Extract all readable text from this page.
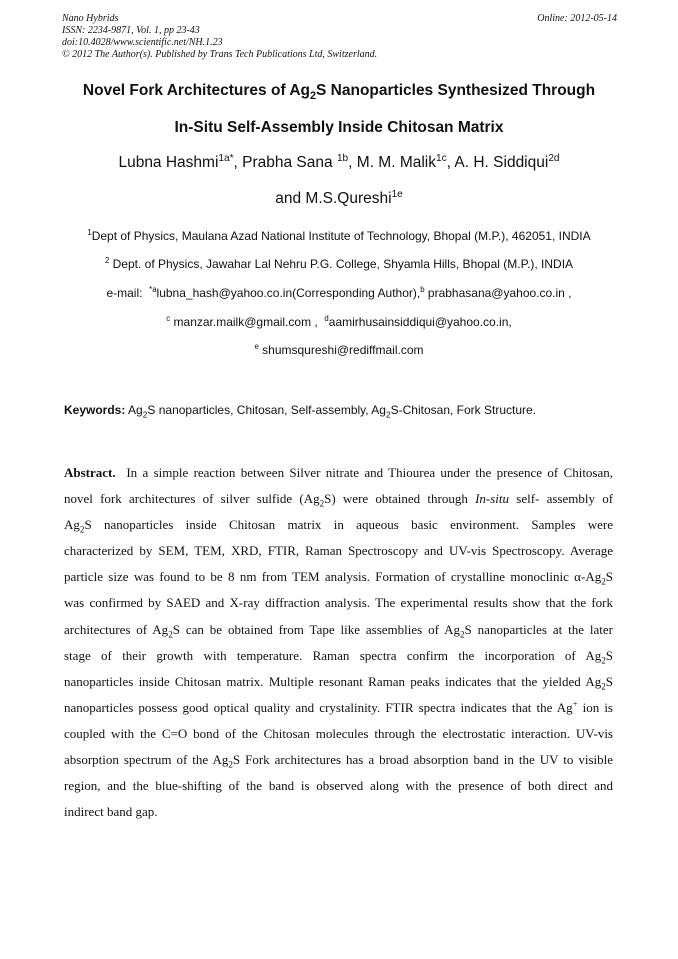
Nano Hybrids
ISSN: 2234-9871, Vol. 1, pp 23-43
doi:10.4028/www.scientific.net/NH.1.23
© 2012 The Author(s). Published by Trans Tech Publications Ltd, Switzerland.
Online: 2012-05-14
Novel Fork Architectures of $Ag_2S$ Nanoparticles Synthesized Through
In-Situ Self-Assembly Inside Chitosan Matrix
Lubna Hashmi$^{1a*}$, Prabha Sana $^{1b}$, M. M. Malik$^{1c}$, A. H. Siddiqui$^{2d}$
and M.S.Qureshi$^{1e}$
$^1$Dept of Physics, Maulana Azad National Institute of Technology, Bhopal (M.P.), 462051, INDIA
$^2$ Dept. of Physics, Jawahar Lal Nehru P.G. College, Shyamla Hills, Bhopal (M.P.), INDIA
e-mail: $^{*a}$lubna_hash@yahoo.co.in(Corresponding Author),$^b$ prabhasana@yahoo.co.in ,
$^c$ manzar.mailk@gmail.com , $^d$aamirhusainsiddiqui@yahoo.co.in,
$^e$ shumsqureshi@rediffmail.com
Keywords: $Ag_2S$ nanoparticles, Chitosan, Self-assembly, $Ag_2S$-Chitosan, Fork Structure.
Abstract. In a simple reaction between Silver nitrate and Thiourea under the presence of Chitosan,
novel fork architectures of silver sulfide $(Ag_2S)$ were obtained through In-situ self- assembly of
$Ag_2S$ nanoparticles inside Chitosan matrix in aqueous basic environment. Samples were
characterized by SEM, TEM, XRD, FTIR, Raman Spectroscopy and UV-vis Spectroscopy. Average
particle size was found to be 8 nm from TEM analysis. Formation of crystalline monoclinic $\alpha-Ag_2S$
was confirmed by SAED and X-ray diffraction analysis. The experimental results show that the fork
architectures of $Ag_2S$ can be obtained from Tape like assemblies of $Ag_2S$ nanoparticles at the later
stage of their growth with temperature. Raman spectra confirm the incorporation of $Ag_2S$
nanoparticles inside Chitosan matrix. Multiple resonant Raman peaks indicates that the yielded $Ag_2S$
nanoparticles possess good optical quality and crystalinity. FTIR spectra indicates that the Ag+ ion is
coupled with the C=O bond of the Chitosan molecules through the electrostatic interaction. UV-vis
absorption spectrum of the $Ag_2S$ Fork architectures has a broad absorption band in the UV to visible
region, and the blue-shifting of the band is observed along with the presence of both direct and
indirect band gap.
